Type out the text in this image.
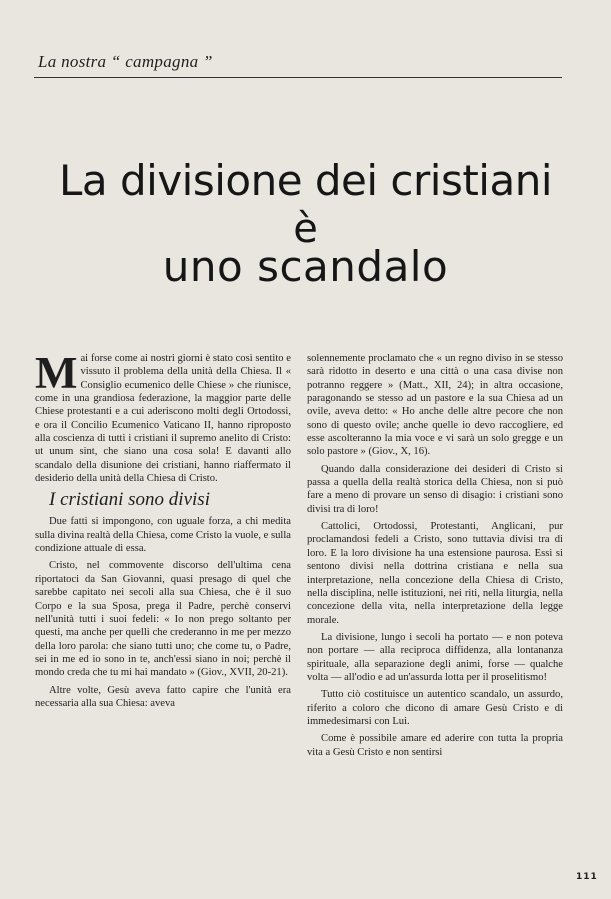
La nostra “ campagna ”
La divisione dei cristiani
è
uno scandalo

Mai forse come ai nostri giorni è stato così sentito e vissuto il problema della unità della Chiesa. Il « Consiglio ecumenico delle Chiese » che riunisce, come in una grandiosa federazione, la maggior parte delle Chiese protestanti e a cui aderiscono molti degli Ortodossi, e ora il Concilio Ecumenico Vaticano II, hanno riproposto alla coscienza di tutti i cristiani il supremo anelito di Cristo: ut unum sint, che siano una cosa sola! E davanti allo scandalo della disunione dei cristiani, hanno riaffermato il desiderio della unità della Chiesa di Cristo.

I cristiani sono divisi

Due fatti si impongono, con uguale forza, a chi medita sulla divina realtà della Chiesa, come Cristo la vuole, e sulla condizione attuale di essa.

Cristo, nel commovente discorso dell'ultima cena riportatoci da San Giovanni, quasi presago di quel che sarebbe capitato nei secoli alla sua Chiesa, che è il suo Corpo e la sua Sposa, prega il Padre, perchè conservi nell'unità tutti i suoi fedeli: « Io non prego soltanto per questi, ma anche per quelli che crederanno in me per mezzo della loro parola: che siano tutti uno; che come tu, o Padre, sei in me ed io sono in te, anch'essi siano in noi; perchè il mondo creda che tu mi hai mandato » (Giov., XVII, 20-21).

Altre volte, Gesù aveva fatto capire che l'unità era necessaria alla sua Chiesa: aveva

solennemente proclamato che « un regno diviso in se stesso sarà ridotto in deserto e una città o una casa divise non potranno reggere » (Matt., XII, 24); in altra occasione, paragonando se stesso ad un pastore e la sua Chiesa ad un ovile, aveva detto: « Ho anche delle altre pecore che non sono di questo ovile; anche quelle io devo raccogliere, ed esse ascolteranno la mia voce e vi sarà un solo gregge e un solo pastore » (Giov., X, 16).

Quando dalla considerazione dei desideri di Cristo si passa a quella della realtà storica della Chiesa, non si può fare a meno di provare un senso di disagio: i cristiani sono divisi tra di loro!

Cattolici, Ortodossi, Protestanti, Anglicani, pur proclamandosi fedeli a Cristo, sono tuttavia divisi tra di loro. E la loro divisione ha una estensione paurosa. Essi si sentono divisi nella dottrina cristiana e nella sua interpretazione, nella concezione della Chiesa di Cristo, nella disciplina, nelle istituzioni, nei riti, nella liturgia, nella concezione della vita, nella interpretazione della legge morale.

La divisione, lungo i secoli ha portato — e non poteva non portare — alla reciproca diffidenza, alla lontananza spirituale, alla separazione degli animi, forse — qualche volta — all'odio e ad un'assurda lotta per il proselitismo!

Tutto ciò costituisce un autentico scandalo, un assurdo, riferito a coloro che dicono di amare Gesù Cristo e di immedesimarsi con Lui.

Come è possibile amare ed aderire con tutta la propria vita a Gesù Cristo e non sentirsi

111
